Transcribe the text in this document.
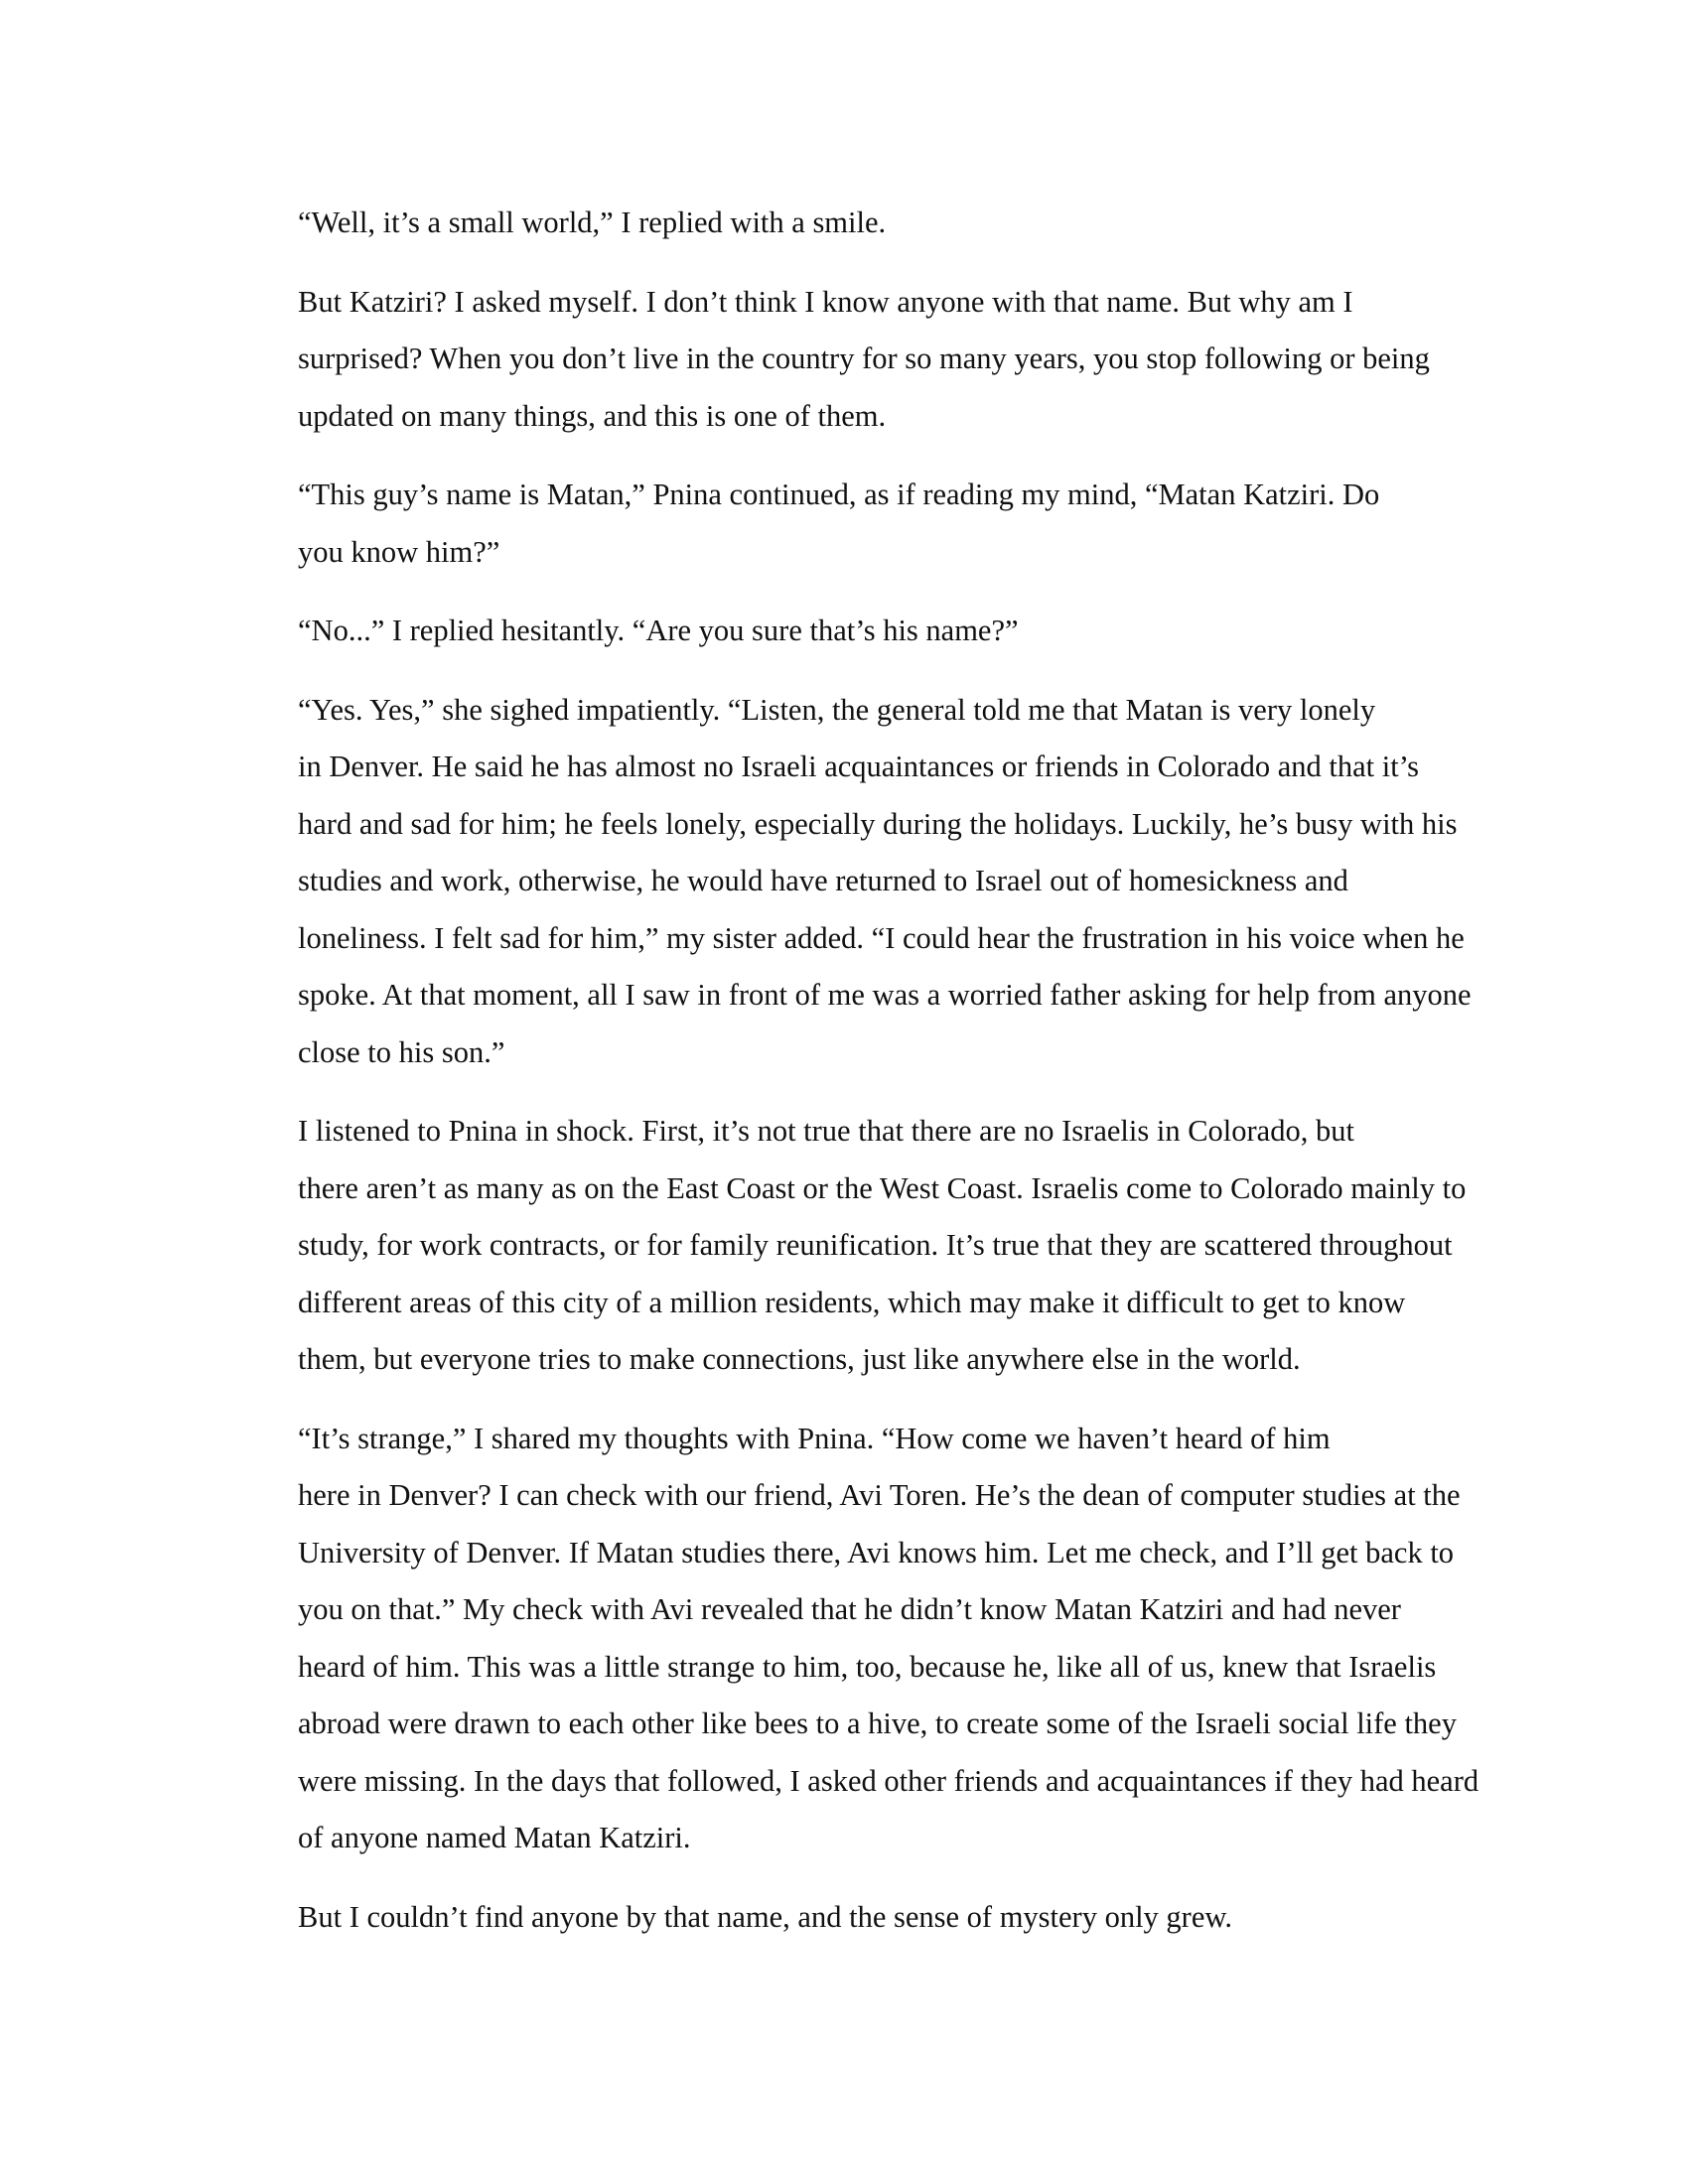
“Well, it’s a small world,” I replied with a smile.

But Katziri? I asked myself. I don’t think I know anyone with that name. But why am I
surprised? When you don’t live in the country for so many years, you stop following or being
updated on many things, and this is one of them.

“This guy’s name is Matan,” Pnina continued, as if reading my mind, “Matan Katziri. Do
you know him?”

“No...” I replied hesitantly. “Are you sure that’s his name?”

“Yes. Yes,” she sighed impatiently. “Listen, the general told me that Matan is very lonely
in Denver. He said he has almost no Israeli acquaintances or friends in Colorado and that it’s
hard and sad for him; he feels lonely, especially during the holidays. Luckily, he’s busy with his
studies and work, otherwise, he would have returned to Israel out of homesickness and
loneliness. I felt sad for him,” my sister added. “I could hear the frustration in his voice when he
spoke. At that moment, all I saw in front of me was a worried father asking for help from anyone
close to his son.”

I listened to Pnina in shock. First, it’s not true that there are no Israelis in Colorado, but
there aren’t as many as on the East Coast or the West Coast. Israelis come to Colorado mainly to
study, for work contracts, or for family reunification. It’s true that they are scattered throughout
different areas of this city of a million residents, which may make it difficult to get to know
them, but everyone tries to make connections, just like anywhere else in the world.

“It’s strange,” I shared my thoughts with Pnina. “How come we haven’t heard of him
here in Denver? I can check with our friend, Avi Toren. He’s the dean of computer studies at the
University of Denver. If Matan studies there, Avi knows him. Let me check, and I’ll get back to
you on that.” My check with Avi revealed that he didn’t know Matan Katziri and had never
heard of him. This was a little strange to him, too, because he, like all of us, knew that Israelis
abroad were drawn to each other like bees to a hive, to create some of the Israeli social life they
were missing. In the days that followed, I asked other friends and acquaintances if they had heard
of anyone named Matan Katziri.

But I couldn’t find anyone by that name, and the sense of mystery only grew.
